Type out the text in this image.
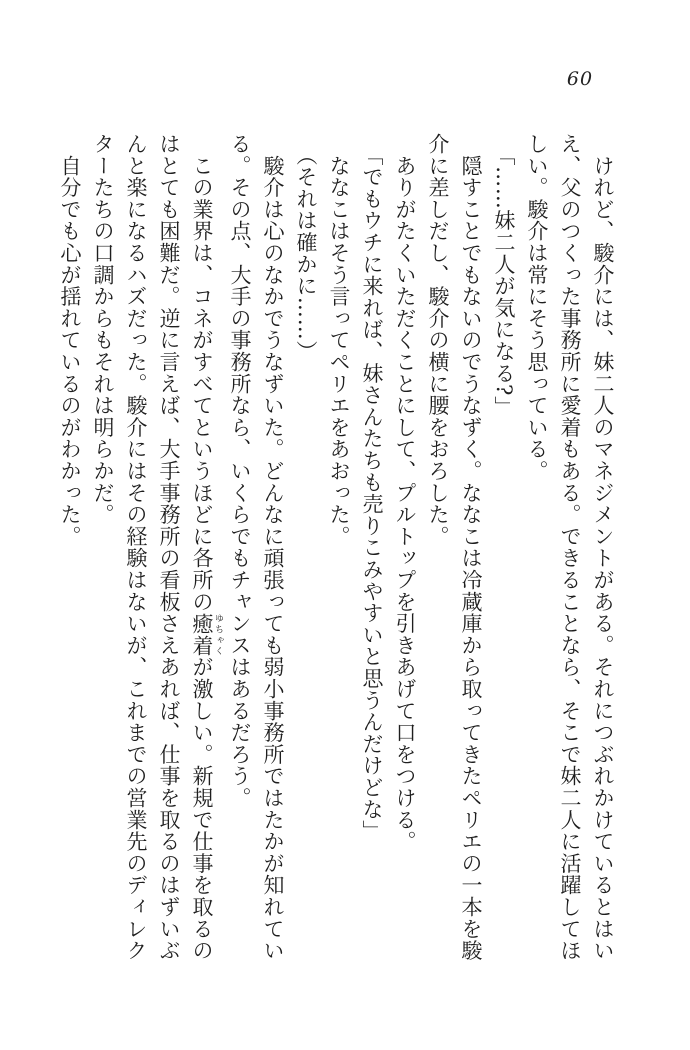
60

　けれど、駿介には、妹二人のマネジメントがある。それにつぶれかけているとはい

え、父のつくった事務所に愛着もある。できることなら、そこで妹二人に活躍してほ

しい。駿介は常にそう思っている。

　「……妹二人が気になる?」

　隠すことでもないのでうなずく。ななこは冷蔵庫から取ってきたペリエの一本を駿

介に差しだし、駿介の横に腰をおろした。

　ありがたくいただくことにして、プルトップを引きあげて口をつける。

　「でもウチに来れば、妹さんたちも売りこみやすいと思うんだけどな」

　ななこはそう言ってペリエをあおった。

　（それは確かに……）

　駿介は心のなかでうなずいた。どんなに頑張っても弱小事務所ではたかが知れてい

る。その点、大手の事務所なら、いくらでもチャンスはあるだろう。

　この業界は、コネがすべてというほどに各所の癒着 ゆちゃくが激しい。新規で仕事を取るの

はとても困難だ。逆に言えば、大手事務所の看板さえあれば、仕事を取るのはずいぶ

んと楽になるハズだった。駿介にはその経験はないが、これまでの営業先のディレク

ターたちの口調からもそれは明らかだ。

　自分でも心が揺れているのがわかった。
